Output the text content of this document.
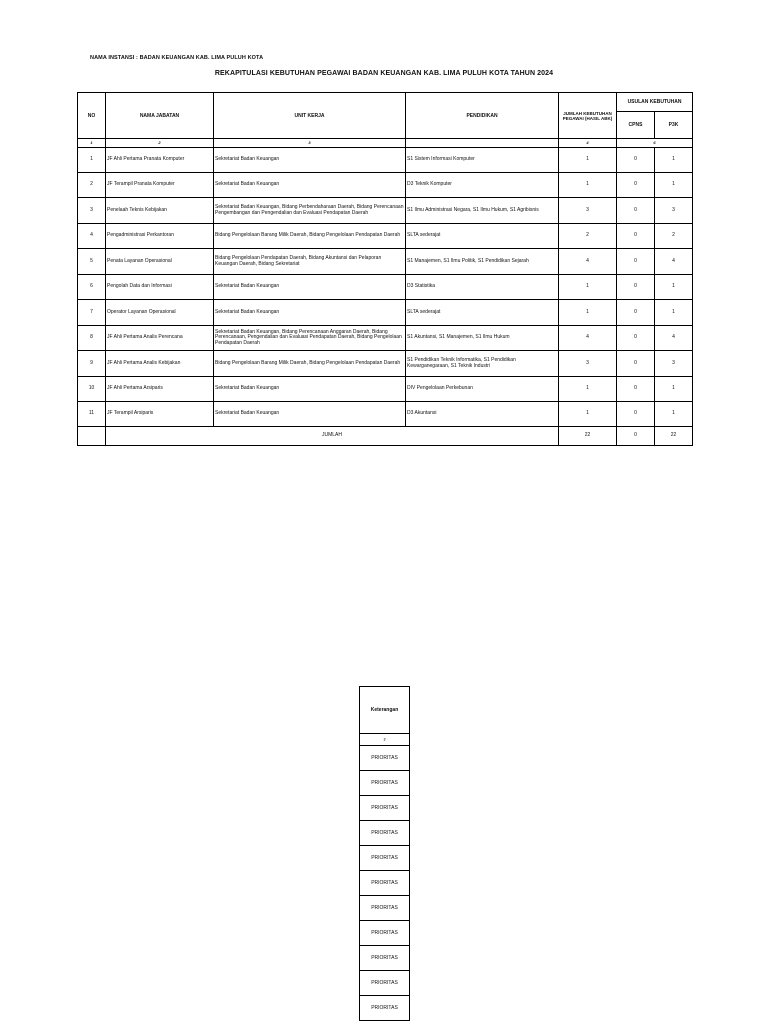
NAMA INSTANSI : BADAN KEUANGAN KAB. LIMA PULUH KOTA
REKAPITULASI KEBUTUHAN PEGAWAI BADAN KEUANGAN KAB. LIMA PULUH KOTA TAHUN 2024
NO	NAMA JABATAN	UNIT KERJA	PENDIDIKAN	JUMLAH KEBUTUHAN PEGAWAI (HASIL ABK)	USULAN KEBUTUHAN	
					CPNS	P3K
1	2	3		4	6	
1	JF Ahli Pertama Pranata Komputer	Sekretariat Badan Keuangan	S1 Sistem Informasi Komputer	1	0	1
2	JF Terampil Pranata Komputer	Sekretariat Badan Keuangan	D3 Teknik Komputer	1	0	1
3	Penelaah Teknis Kebijakan	Sekretariat Badan Keuangan, Bidang Perbendaharaan Daerah, Bidang Perencanaan Pengembangan dan Pengendalian dan Evaluasi Pendapatan Daerah	S1 Ilmu Administrasi Negara, S1 Ilmu Hukum, S1 Agribisnis	3	0	3
4	Pengadministrasi Perkantoran	Bidang Pengelolaan Barang Milik Daerah, Bidang Pengelolaan Pendapatan Daerah	SLTA sederajat	2	0	2
5	Penata Layanan Operasional	Bidang Pengelolaan Pendapatan Daerah, Bidang Akuntansi dan Pelaporan Keuangan Daerah, Bidang Sekretariat	S1 Manajemen, S1 Ilmu Politik, S1 Pendidikan Sejarah	4	0	4
6	Pengolah Data dan Informasi	Sekretariat Badan Keuangan	D3 Statistika	1	0	1
7	Operator Layanan Operasional	Sekretariat Badan Keuangan	SLTA sederajat	1	0	1
8	JF Ahli Pertama Analis Perencana	Sekretariat Badan Keuangan, Bidang Perencanaan Anggaran Daerah, Bidang Perencanaan, Pengendalian dan Evaluasi Pendapatan Daerah, Bidang Pengelolaan Pendapatan Daerah	S1 Akuntansi, S1 Manajemen, S1 Ilmu Hukum	4	0	4
9	JF Ahli Pertama Analis Kebijakan	Bidang Pengelolaan Barang Milik Daerah, Bidang Pengelolaan Pendapatan Daerah	S1 Pendidikan Teknik Informatika, S1 Pendidikan Kewarganegaraan, S1 Teknik Industri	3	0	3
10	JF Ahli Pertama Arsiparis	Sekretariat Badan Keuangan	DIV Pengelolaan Perkebunan	1	0	1
11	JF Terampil Arsiparis	Sekretariat Badan Keuangan	D3 Akuntansi	1	0	1
	JUMLAH			22	0	22
Keterangan
7
PRIORITAS
PRIORITAS
PRIORITAS
PRIORITAS
PRIORITAS
PRIORITAS
PRIORITAS
PRIORITAS
PRIORITAS
PRIORITAS
PRIORITAS
